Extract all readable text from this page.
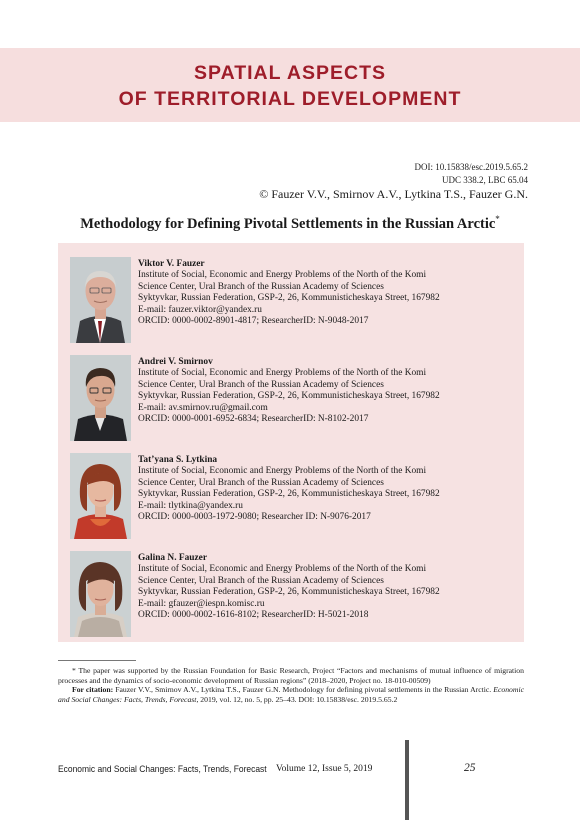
SPATIAL ASPECTS
OF TERRITORIAL DEVELOPMENT
DOI: 10.15838/esc.2019.5.65.2
UDC 338.2, LBC 65.04
© Fauzer V.V., Smirnov A.V., Lytkina T.S., Fauzer G.N.
Methodology for Defining Pivotal Settlements in the Russian Arctic*
Viktor V. Fauzer
Institute of Social, Economic and Energy Problems of the North of the Komi
Science Center, Ural Branch of the Russian Academy of Sciences
Syktyvkar, Russian Federation, GSP-2, 26, Kommunisticheskaya Street, 167982
E-mail: fauzer.viktor@yandex.ru
ORCID: 0000-0002-8901-4817; ResearcherID: N-9048-2017
Andrei V. Smirnov
Institute of Social, Economic and Energy Problems of the North of the Komi
Science Center, Ural Branch of the Russian Academy of Sciences
Syktyvkar, Russian Federation, GSP-2, 26, Kommunisticheskaya Street, 167982
E-mail: av.smirnov.ru@gmail.com
ORCID: 0000-0001-6952-6834; ResearcherID: N-8102-2017
Tat’yana S. Lytkina
Institute of Social, Economic and Energy Problems of the North of the Komi
Science Center, Ural Branch of the Russian Academy of Sciences
Syktyvkar, Russian Federation, GSP-2, 26, Kommunisticheskaya Street, 167982
E-mail: tlytkina@yandex.ru
ORCID: 0000-0003-1972-9080; Researcher ID: N-9076-2017
Galina N. Fauzer
Institute of Social, Economic and Energy Problems of the North of the Komi
Science Center, Ural Branch of the Russian Academy of Sciences
Syktyvkar, Russian Federation, GSP-2, 26, Kommunisticheskaya Street, 167982
E-mail: gfauzer@iespn.komisc.ru
ORCID: 0000-0002-1616-8102; ResearcherID: H-5021-2018

* The paper was supported by the Russian Foundation for Basic Research, Project “Factors and mechanisms of mutual influence of migration processes and the dynamics of socio-economic development of Russian regions” (2018–2020, Project no. 18-010-00509)

For citation: Fauzer V.V., Smirnov A.V., Lytkina T.S., Fauzer G.N. Methodology for defining pivotal settlements in the Russian Arctic. Economic and Social Changes: Facts, Trends, Forecast, 2019, vol. 12, no. 5, pp. 25–43. DOI: 10.15838/esc. 2019.5.65.2

Economic and Social Changes: Facts, Trends, Forecast Volume 12, Issue 5, 2019	25
